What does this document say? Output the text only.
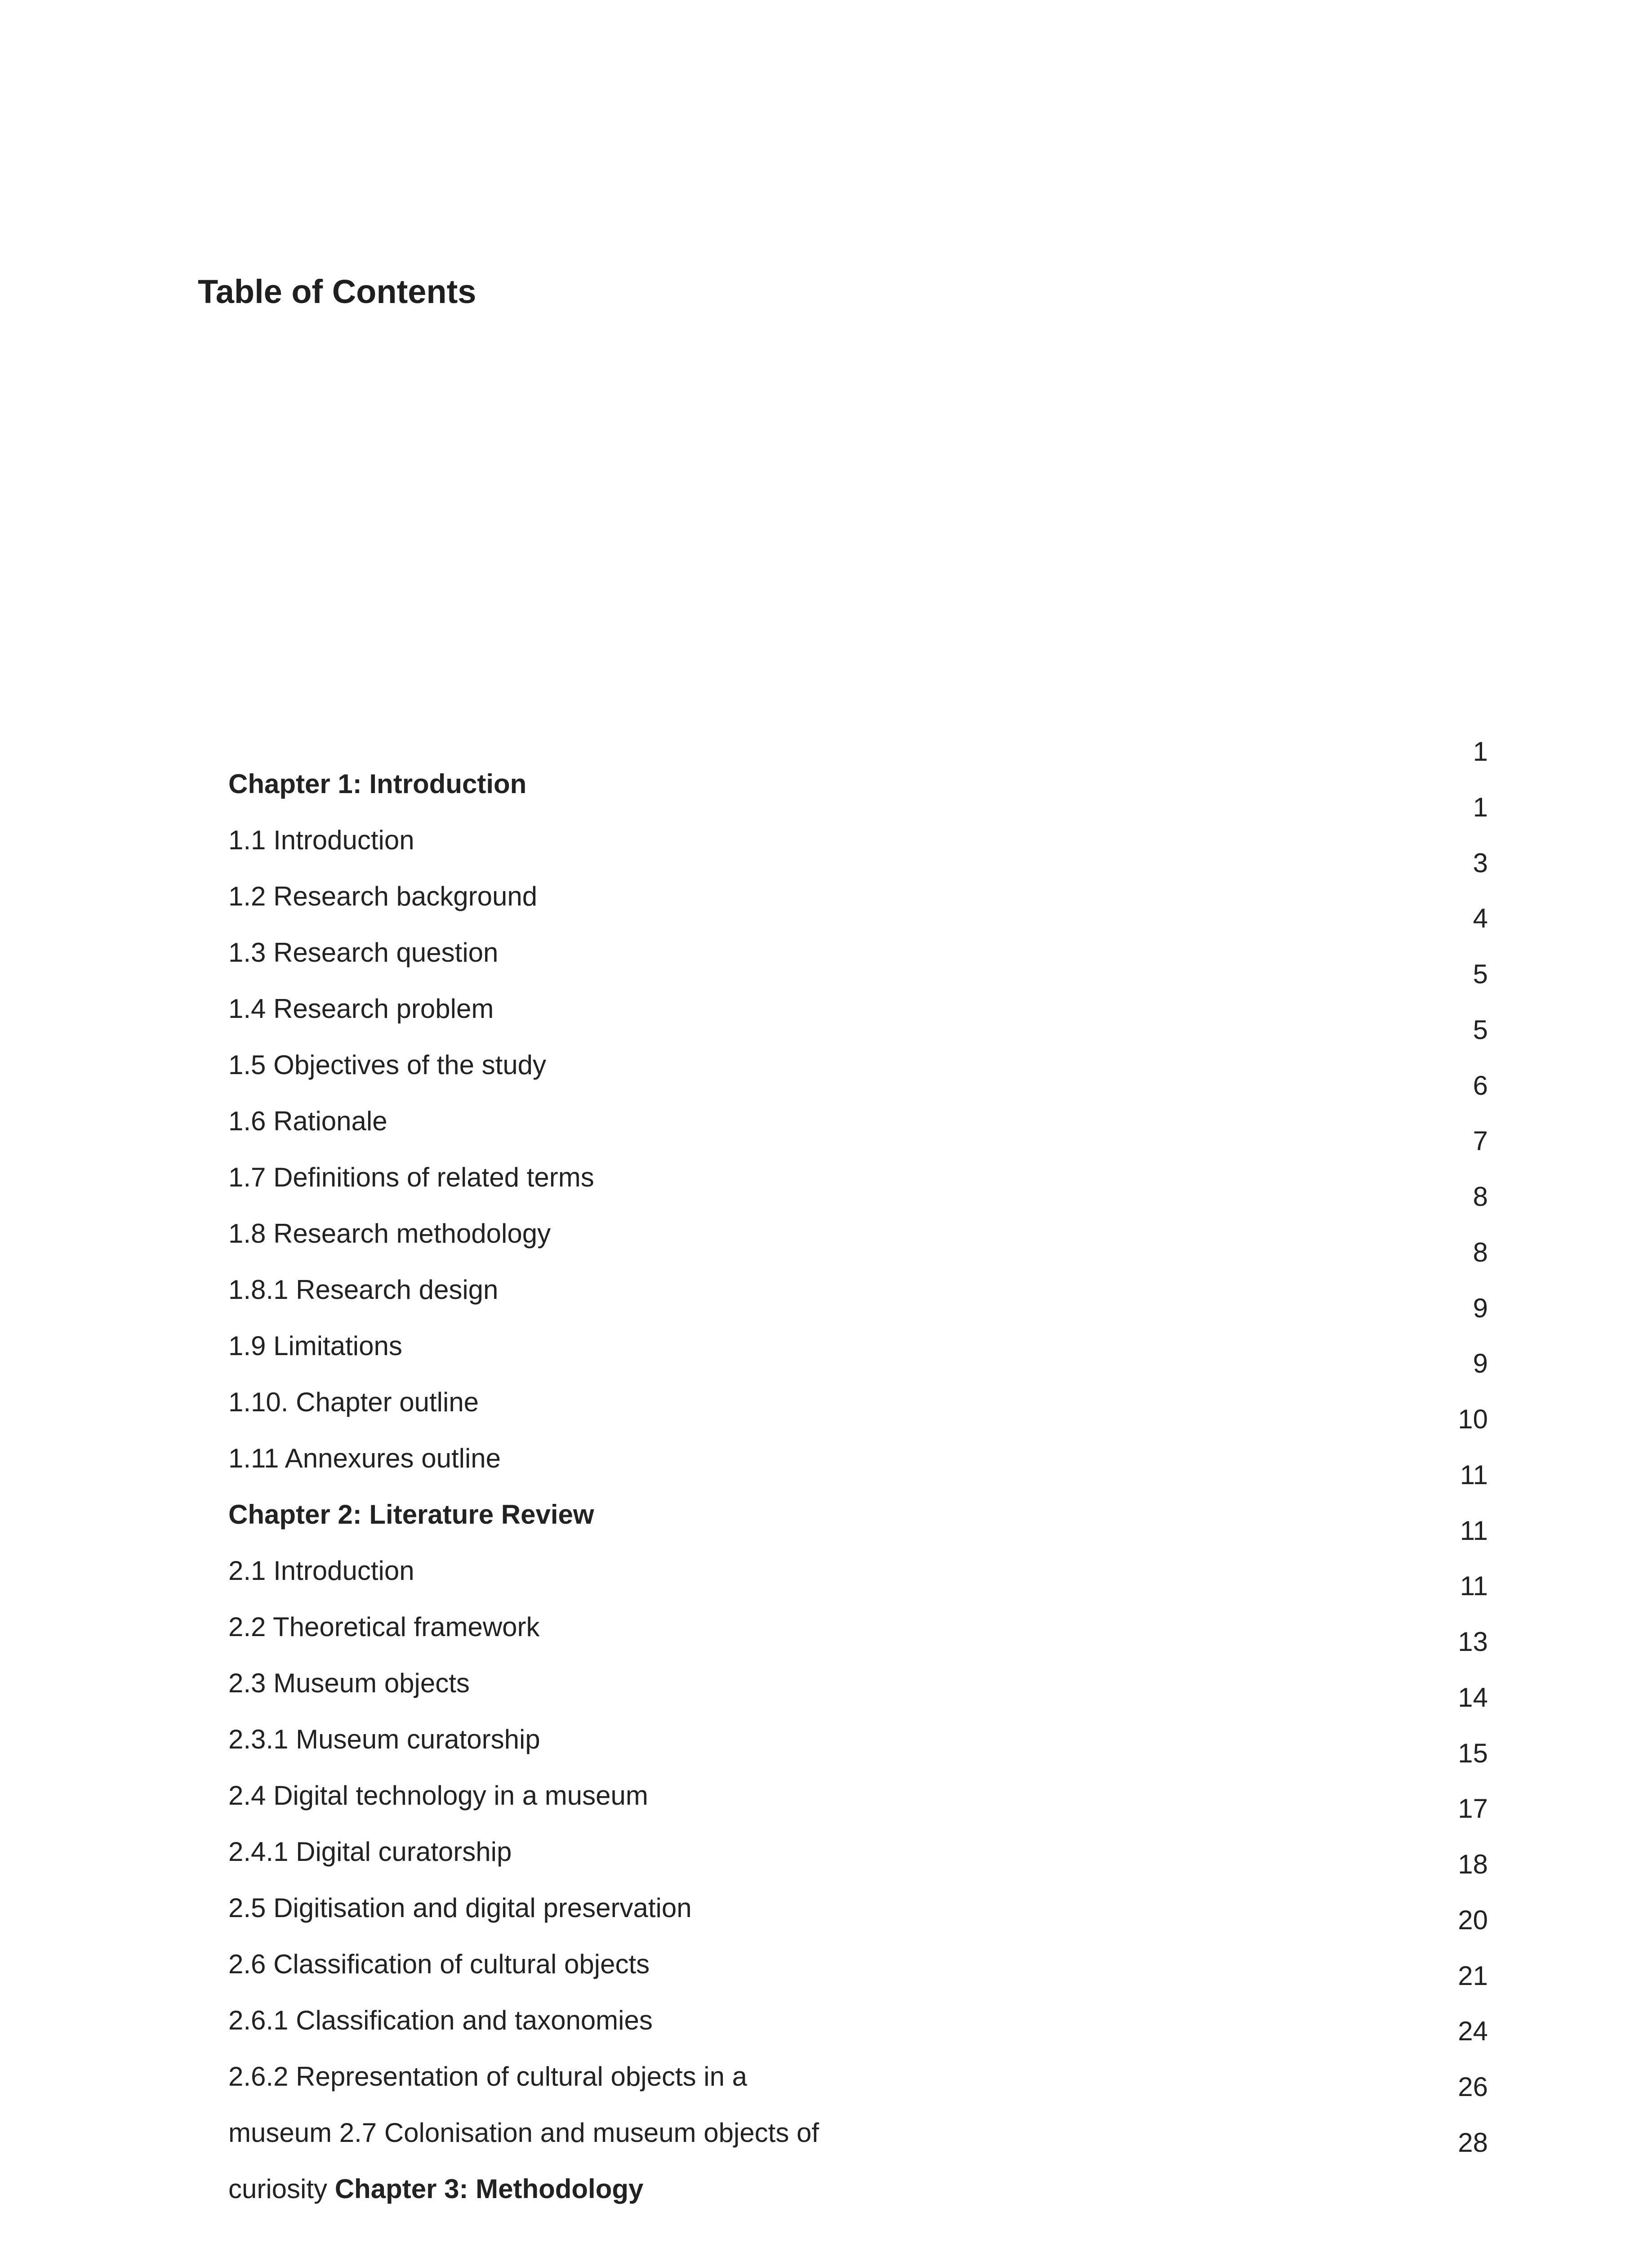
Table of Contents
Chapter 1: Introduction
1.1 Introduction
1.2 Research background
1.3 Research question
1.4 Research problem
1.5 Objectives of the study
1.6 Rationale
1.7 Definitions of related terms
1.8 Research methodology
1.8.1 Research design
1.9 Limitations
1.10. Chapter outline
1.11 Annexures outline
Chapter 2: Literature Review
2.1 Introduction
2.2 Theoretical framework
2.3 Museum objects
2.3.1 Museum curatorship
2.4 Digital technology in a museum
2.4.1 Digital curatorship
2.5 Digitisation and digital preservation
2.6 Classification of cultural objects
2.6.1 Classification and taxonomies
2.6.2 Representation of cultural objects in a
museum 2.7 Colonisation and museum objects of
curiosity Chapter 3: Methodology
1
1
3
4
5
5
6
7
8
8
9
9
10
11
11
11
13
14
15
17
18
20
21
24
26
28
